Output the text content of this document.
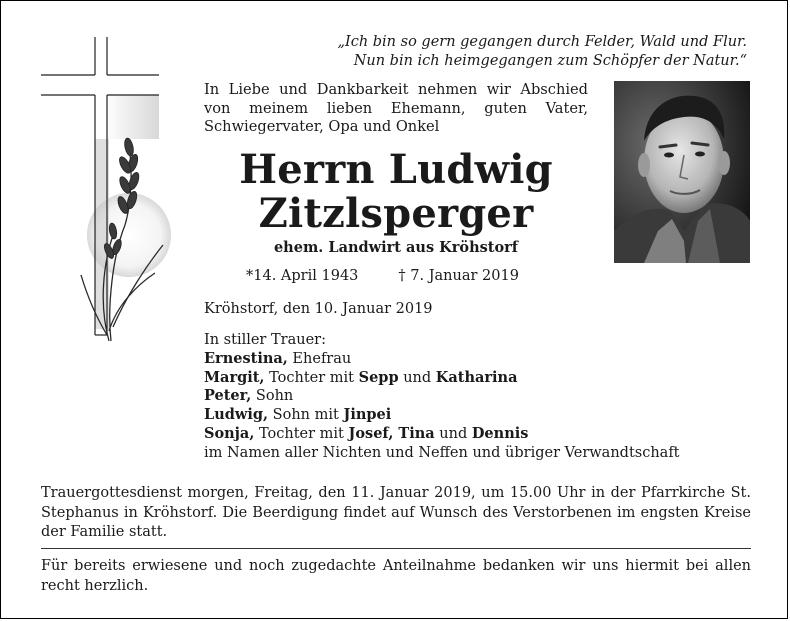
„Ich bin so gern gegangen durch Felder, Wald und Flur.
Nun bin ich heimgegangen zum Schöpfer der Natur.“
In Liebe und Dankbarkeit nehmen wir Abschied von meinem lieben Ehemann, guten Vater, Schwiegervater, Opa und Onkel
Herrn Ludwig
Zitzlsperger
ehem. Landwirt aus Kröhstorf
*14. April 1943	† 7. Januar 2019
Kröhstorf, den 10. Januar 2019
In stiller Trauer:
Ernestina, Ehefrau
Margit, Tochter mit Sepp und Katharina
Peter, Sohn
Ludwig, Sohn mit Jinpei
Sonja, Tochter mit Josef, Tina und Dennis
im Namen aller Nichten und Neffen und übriger Verwandtschaft
Trauergottesdienst morgen, Freitag, den 11. Januar 2019, um 15.00 Uhr in der Pfarrkirche St. Stephanus in Kröhstorf. Die Beerdigung findet auf Wunsch des Verstorbenen im engsten Kreise der Familie statt.
Für bereits erwiesene und noch zugedachte Anteilnahme bedanken wir uns hiermit bei allen recht herzlich.
